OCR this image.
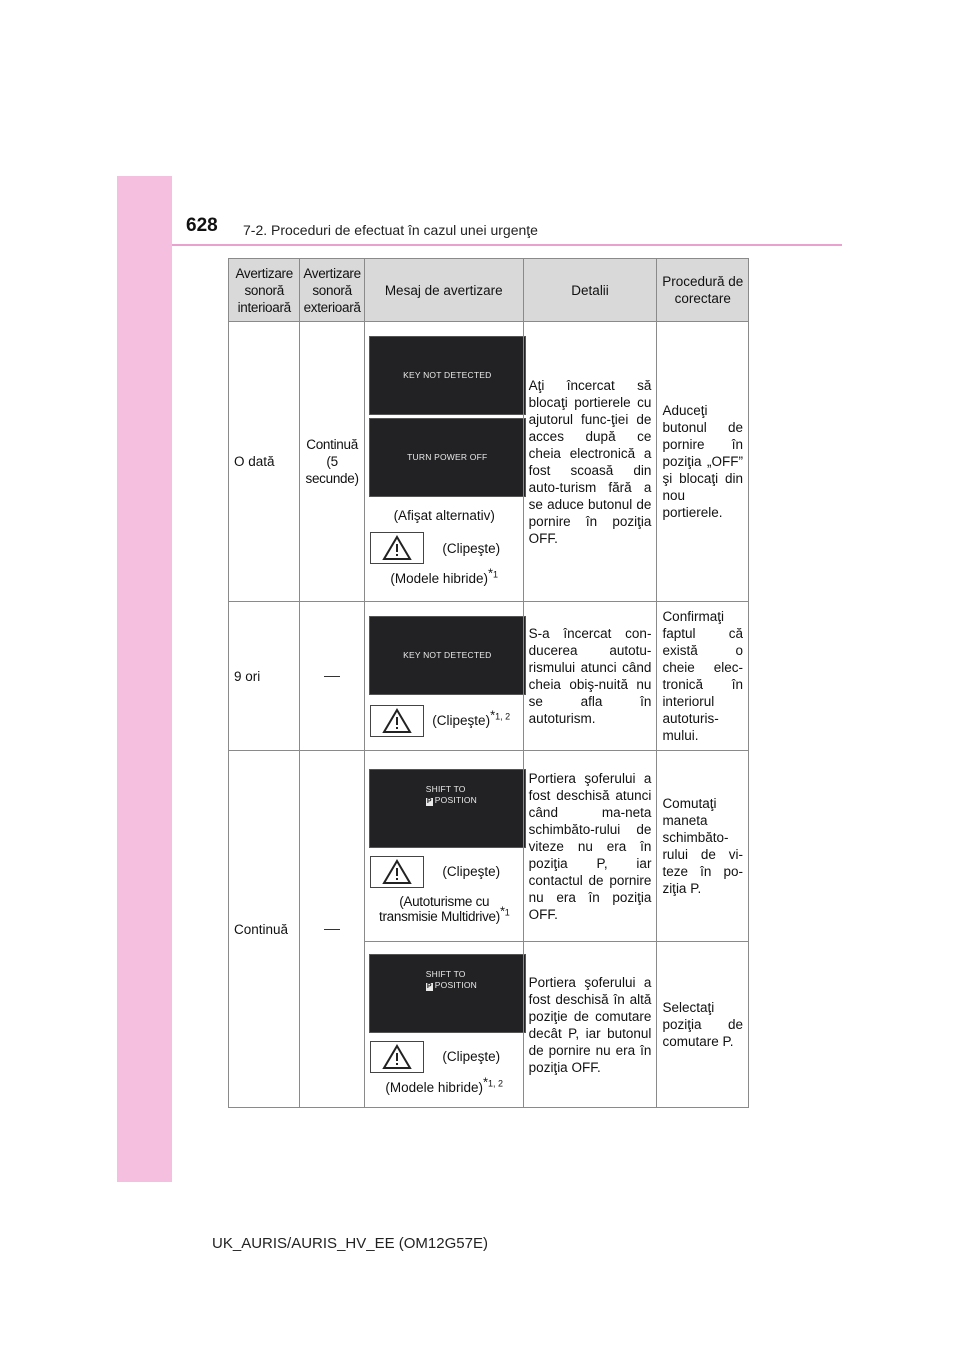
628 7-2. Proceduri de efectuat în cazul unei urgenţe
Avertizare sonoră interioară	Avertizare sonoră exterioară	Mesaj de avertizare	Detalii	Procedură de corectare
O dată	Continuă (5 secunde)	KEY NOT DETECTED
TURN POWER OFF
(Afişat alternativ)
(Clipeşte)
(Modele hibride)*$^1$	Aţi încercat să blocaţi portierele cu ajutorul func-ţiei de acces după ce cheia electronică a fost scoasă din auto-turism fără a se aduce butonul de pornire în poziţia OFF.	Aduceţi butonul de pornire în poziţia „OFF” şi blocaţi din nou portierele.
9 ori		KEY NOT DETECTED
(Clipeşte)*$^{1, 2}$	S-a încercat con-ducerea autotu-rismului atunci când cheia obiş-nuită nu se afla în autoturism.	Confirmaţi faptul că există o cheie elec-tronică în interiorul autoturis-mului.
Continuă		SHIFT TO
P POSITION
(Clipeşte)
(Autoturisme cu transmisie Multidrive)*$^1$	Portiera şoferului a fost deschisă atunci când ma-neta schimbăto-rului de viteze nu era în poziţia P, iar contactul de pornire nu era în poziţia OFF.	Comutaţi maneta schimbăto-rului de vi-teze în po-ziţia P.

		SHIFT TO
P POSITION
(Clipeşte)
(Modele hibride)*$^{1, 2}$	Portiera şoferului a fost deschisă în altă poziţie de comutare decât P, iar butonul de pornire nu era în poziţia OFF.	Selectaţi poziţia de comutare P.
UK_AURIS/AURIS_HV_EE (OM12G57E)
